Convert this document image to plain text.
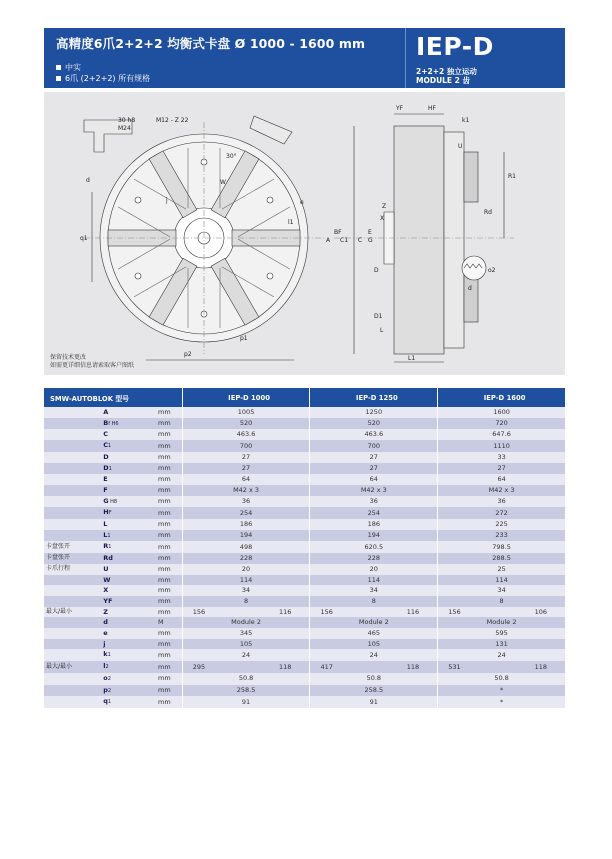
高精度6爪2+2+2 均衡式卡盘 Ø 1000 - 1600 mm
中实
6爪 (2+2+2) 所有规格
IEP-D
2+2+2 独立运动
MODULE 2 齿
30 h8
M24
M12 - Z 22
30°
q1
p2
p1
W
j
l1
e
d
YF	HF
k1
U
R1
Rd
A
BF
C1 C
E
G
X
Z
D
D1
L
L1
o2
d
保留技术更改
如需更详细信息请索取客户图纸
SMW-AUTOBLOK 型号			IEP-D 1000	IEP-D 1250	IEP-D 1600
	A	mm	1005	1250	1600
	Bf H6	mm	520	520	720
	C	mm	463.6	463.6	647.6
	C1	mm	700	700	1110
	D	mm	27	27	33
	D1	mm	27	27	27
	E	mm	64	64	64
	F	mm	M42 x 3	M42 x 3	M42 x 3
	G H8	mm	36	36	36
	HF	mm	254	254	272
	L	mm	186	186	225
	L1	mm	194	194	233
卡盘张开	R1	mm	498	620.5	798.5
卡盘张开	Rd	mm	228	228	288.5
卡爪行程	U	mm	20	20	25
	W	mm	114	114	114
	X	mm	34	34	34
	YF	mm	8	8	8
最大/最小	Z	mm	156 116	156 116	156 106

	d	M	Module 2	Module 2	Module 2
	e	mm	345	465	595
	j	mm	105	105	131
	k1	mm	24	24	24
最大/最小	l2	mm	295 118	417 118	531 118

	o2	mm	50.8	50.8	50.8
	p2	mm	258.5	258.5	*
	q1	mm	91	91	*
